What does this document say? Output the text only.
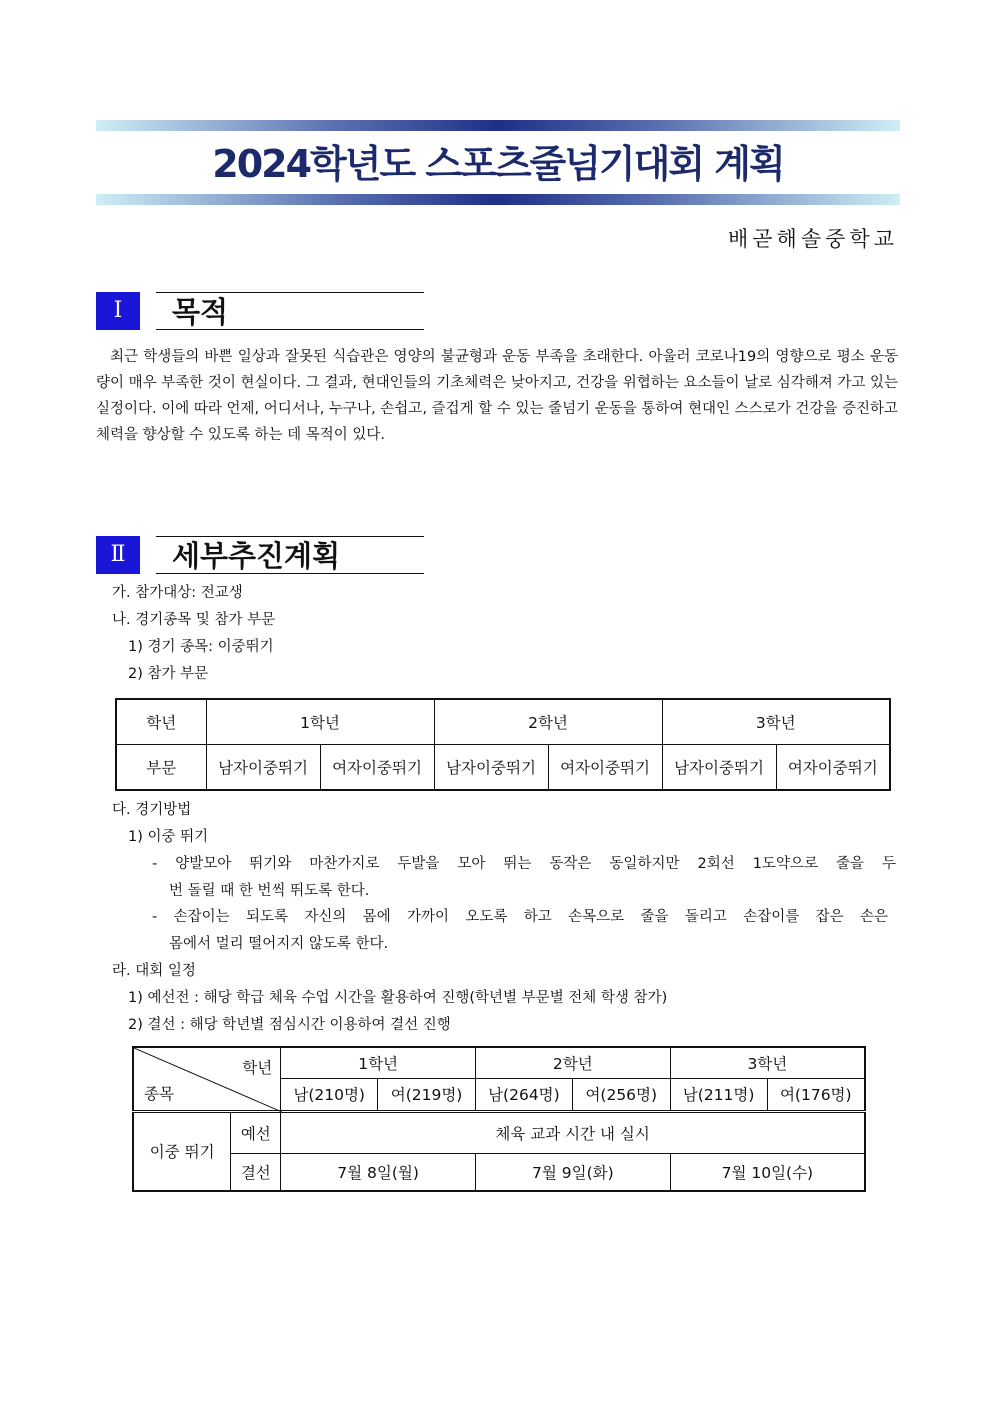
2024학년도 스포츠줄넘기대회 계획
배곧해솔중학교
Ⅰ	목적
최근 학생들의 바쁜 일상과 잘못된 식습관은 영양의 불균형과 운동 부족을 초래한다. 아울러 코로나19의 영향으로 평소 운동량이 매우 부족한 것이 현실이다. 그 결과, 현대인들의 기초체력은 낮아지고, 건강을 위협하는 요소들이 날로 심각해져 가고 있는 실정이다. 이에 따라 언제, 어디서나, 누구나, 손쉽고, 즐겁게 할 수 있는 줄넘기 운동을 통하여 현대인 스스로가 건강을 증진하고 체력을 향상할 수 있도록 하는 데 목적이 있다.
Ⅱ	세부추진계획
가. 참가대상: 전교생
나. 경기종목 및 참가 부문
1) 경기 종목: 이중뛰기
2) 참가 부문
학년	1학년		2학년		3학년	
부문	남자이중뛰기	여자이중뛰기	남자이중뛰기	여자이중뛰기	남자이중뛰기	여자이중뛰기
다. 경기방법
1) 이중 뛰기
- 양발모아 뛰기와 마찬가지로 두발을 모아 뛰는 동작은 동일하지만 2회선 1도약으로 줄을 두
번 돌릴 때 한 번씩 뛰도록 한다.
- 손잡이는 되도록 자신의 몸에 가까이 오도록 하고 손목으로 줄을 돌리고 손잡이를 잡은 손은
몸에서 멀리 떨어지지 않도록 한다.
라. 대회 일정
1) 예선전 : 해당 학급 체육 수업 시간을 활용하여 진행(학년별 부문별 전체 학생 참가)
2) 결선 : 해당 학년별 점심시간 이용하여 결선 진행
학년
종목		1학년		2학년		3학년	
		남(210명)	여(219명)	남(264명)	여(256명)	남(211명)	여(176명)
이중 뛰기	예선	체육 교과 시간 내 실시					
	결선	7월 8일(월)		7월 9일(화)		7월 10일(수)	
